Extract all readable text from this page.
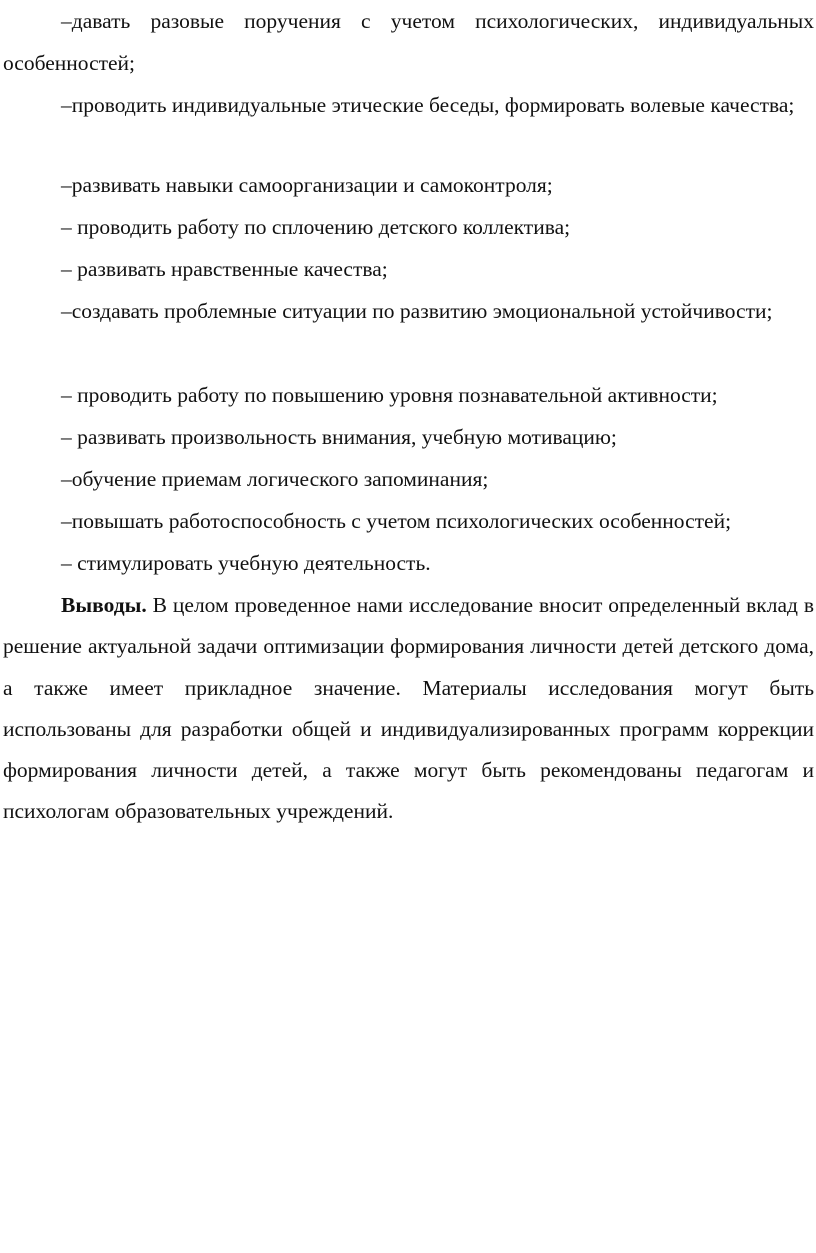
–давать разовые поручения с учетом психологических, индивидуальных особенностей;

–проводить индивидуальные этические беседы, формировать волевые качества;

–развивать навыки самоорганизации и самоконтроля;

– проводить работу по сплочению детского коллектива;

– развивать нравственные качества;

–создавать проблемные ситуации по развитию эмоциональной устойчивости;

– проводить работу по повышению уровня познавательной активности;

– развивать произвольность внимания, учебную мотивацию;

–обучение приемам логического запоминания;

–повышать работоспособность с учетом психологических особенностей;

– стимулировать учебную деятельность.

Выводы. В целом проведенное нами исследование вносит определенный вклад в решение актуальной задачи оптимизации формирования личности детей детского дома, а также имеет прикладное значение. Материалы исследования могут быть использованы для разработки общей и индивидуализированных программ коррекции формирования личности детей, а также могут быть рекомендованы педагогам и психологам образовательных учреждений.
